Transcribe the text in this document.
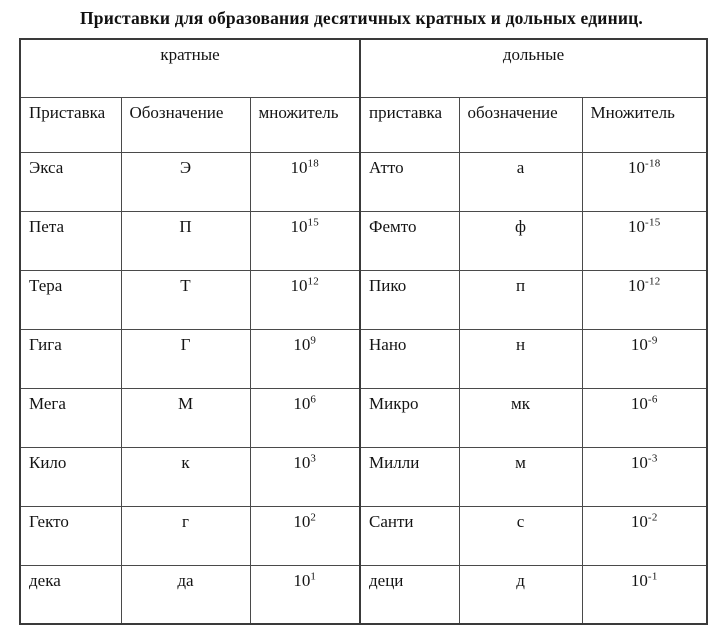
Приставки для образования десятичных кратных и дольных единиц.
кратные			дольные		
Приставка	Обозначение	множитель	приставка	обозначение	Множитель
Экса	Э	$10^{18}$	Атто	а	$10^{-18}$
Пета	П	$10^{15}$	Фемто	ф	$10^{-15}$
Тера	Т	$10^{12}$	Пико	п	$10^{-12}$
Гига	Г	$10^9$	Нано	н	$10^{-9}$
Мега	М	$10^6$	Микро	мк	$10^{-6}$
Кило	к	$10^3$	Милли	м	$10^{-3}$
Гекто	г	$10^2$	Санти	с	$10^{-2}$
дека	да	$10^1$	деци	д	$10^{-1}$
